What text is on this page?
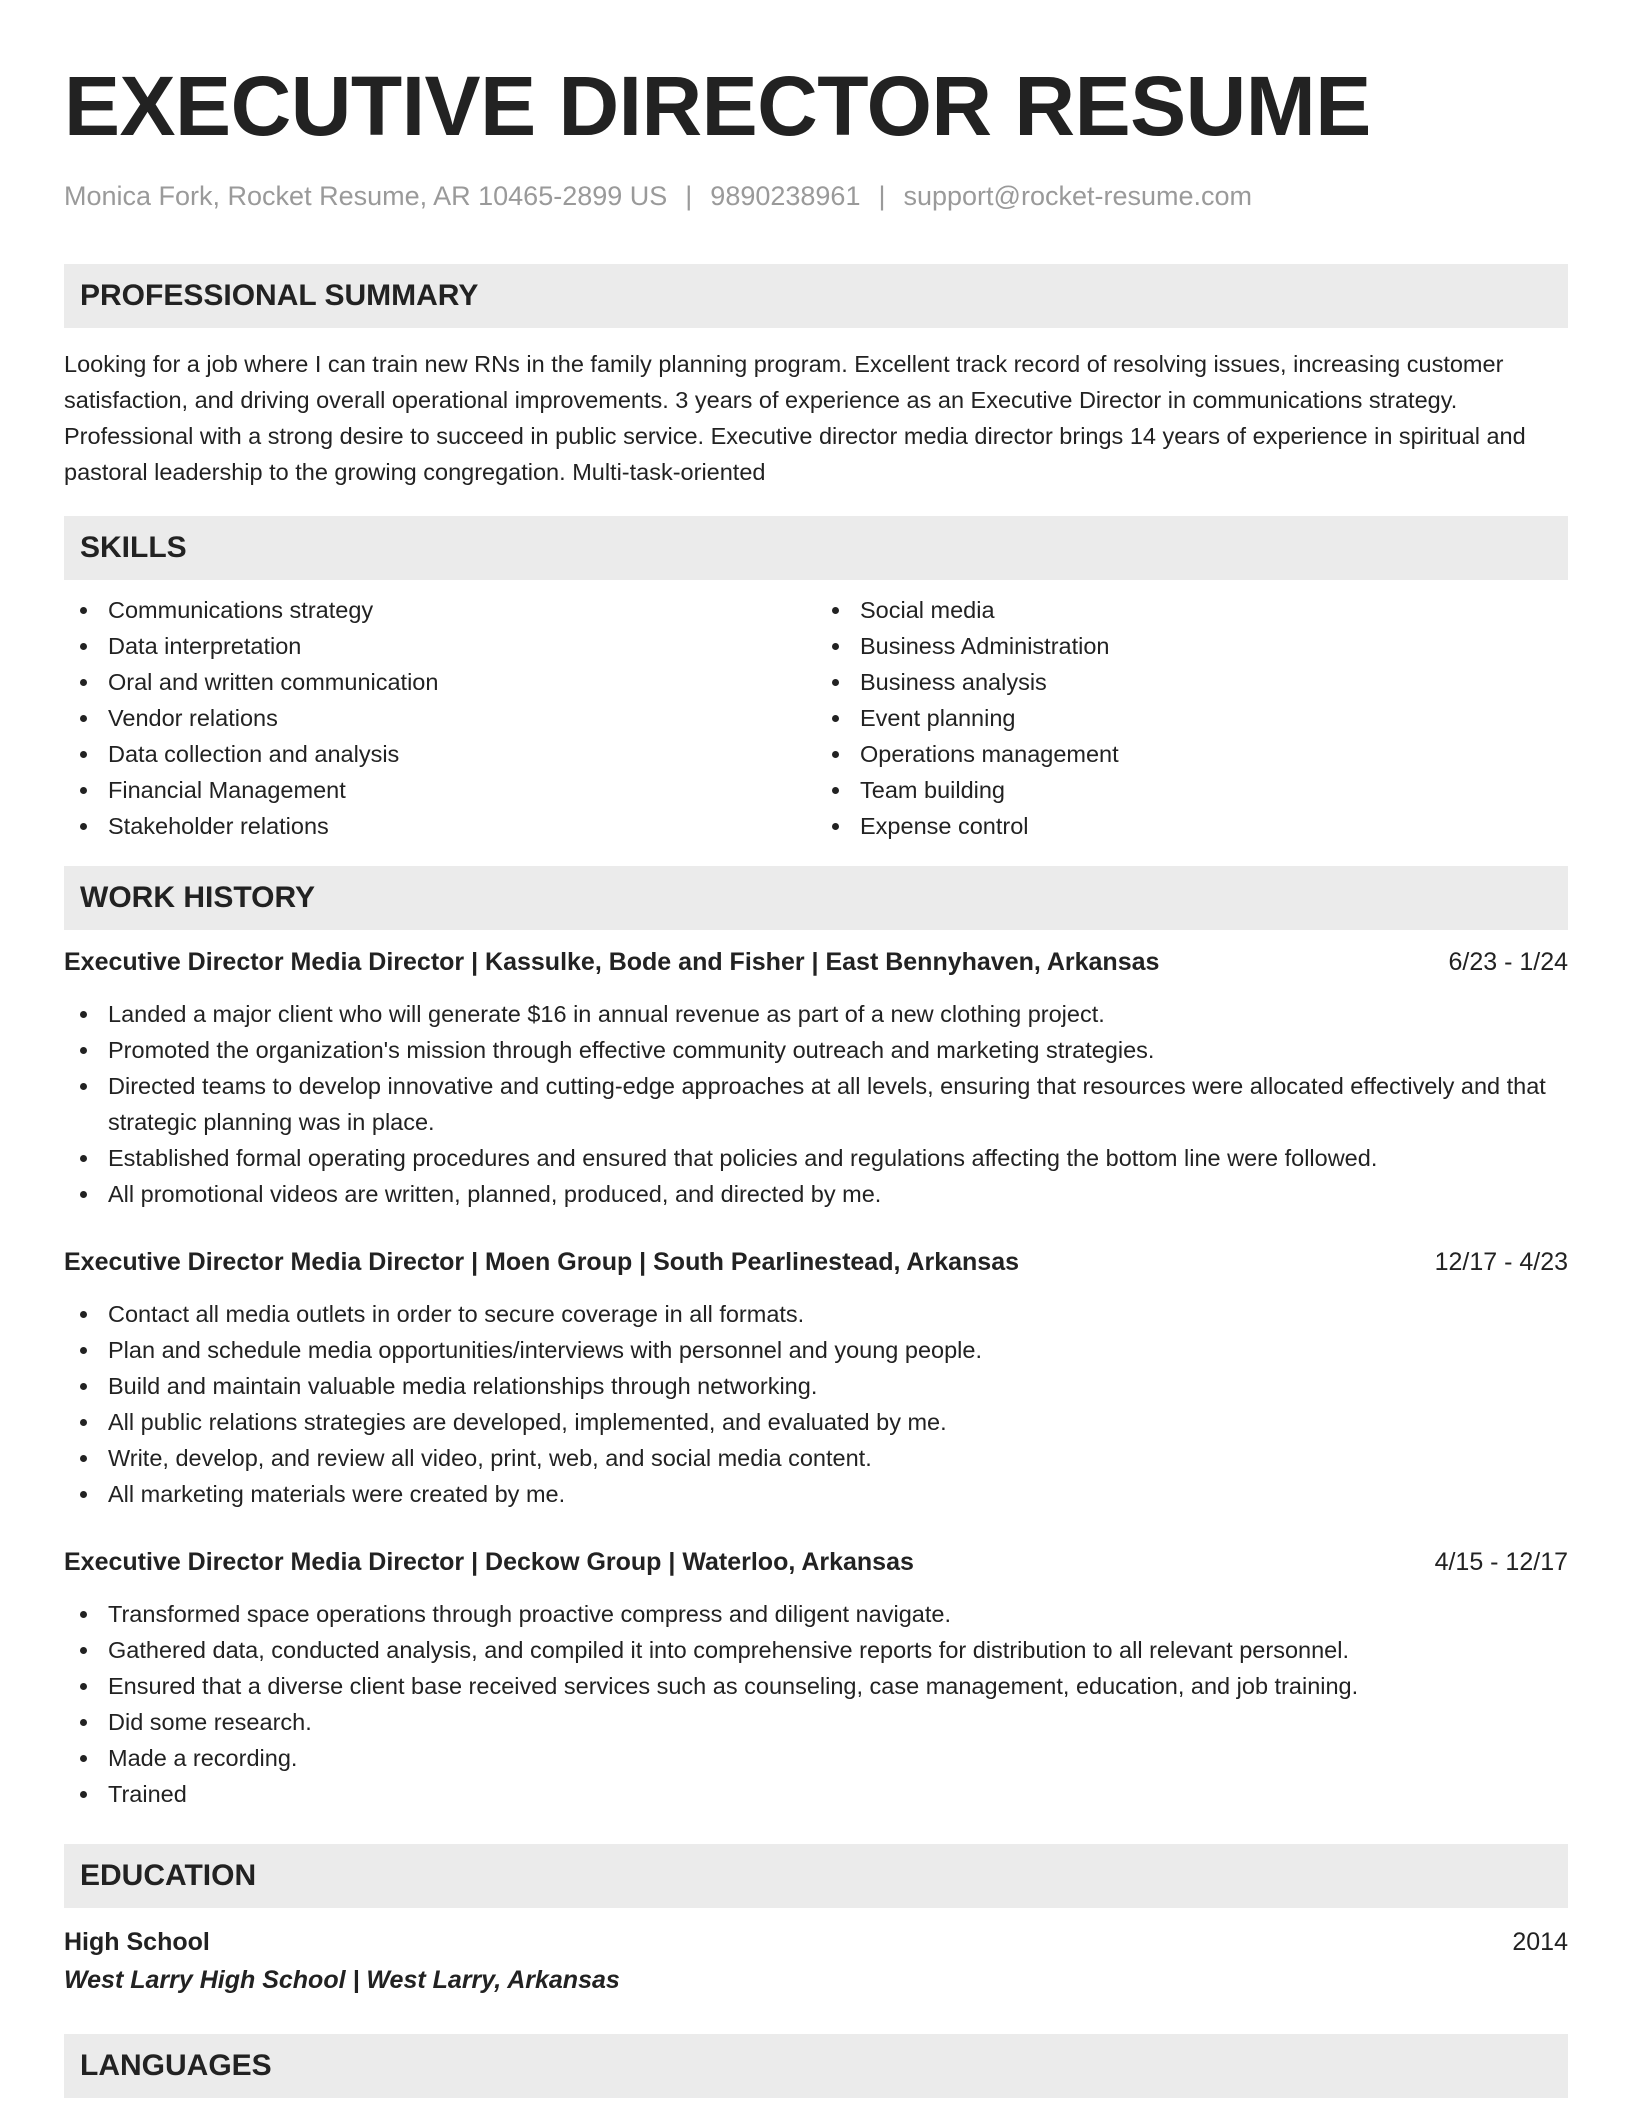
EXECUTIVE DIRECTOR RESUME
Monica Fork, Rocket Resume, AR 10465-2899 US | 9890238961 | support@rocket-resume.com
PROFESSIONAL SUMMARY

Looking for a job where I can train new RNs in the family planning program. Excellent track record of resolving issues, increasing customer satisfaction, and driving overall operational improvements. 3 years of experience as an Executive Director in communications strategy. Professional with a strong desire to succeed in public service. Executive director media director brings 14 years of experience in spiritual and pastoral leadership to the growing congregation. Multi-task-oriented

SKILLS
Communications strategy
Data interpretation
Oral and written communication
Vendor relations
Data collection and analysis
Financial Management
Stakeholder relations
Social media
Business Administration
Business analysis
Event planning
Operations management
Team building
Expense control
WORK HISTORY
Executive Director Media Director | Kassulke, Bode and Fisher | East Bennyhaven, Arkansas	6/23 - 1/24
Landed a major client who will generate $16 in annual revenue as part of a new clothing project.
Promoted the organization's mission through effective community outreach and marketing strategies.
Directed teams to develop innovative and cutting-edge approaches at all levels, ensuring that resources were allocated effectively and that strategic planning was in place.
Established formal operating procedures and ensured that policies and regulations affecting the bottom line were followed.
All promotional videos are written, planned, produced, and directed by me.
Executive Director Media Director | Moen Group | South Pearlinestead, Arkansas	12/17 - 4/23
Contact all media outlets in order to secure coverage in all formats.
Plan and schedule media opportunities/interviews with personnel and young people.
Build and maintain valuable media relationships through networking.
All public relations strategies are developed, implemented, and evaluated by me.
Write, develop, and review all video, print, web, and social media content.
All marketing materials were created by me.
Executive Director Media Director | Deckow Group | Waterloo, Arkansas	4/15 - 12/17
Transformed space operations through proactive compress and diligent navigate.
Gathered data, conducted analysis, and compiled it into comprehensive reports for distribution to all relevant personnel.
Ensured that a diverse client base received services such as counseling, case management, education, and job training.
Did some research.
Made a recording.
Trained
EDUCATION
High School	2014
West Larry High School | West Larry, Arkansas
LANGUAGES
